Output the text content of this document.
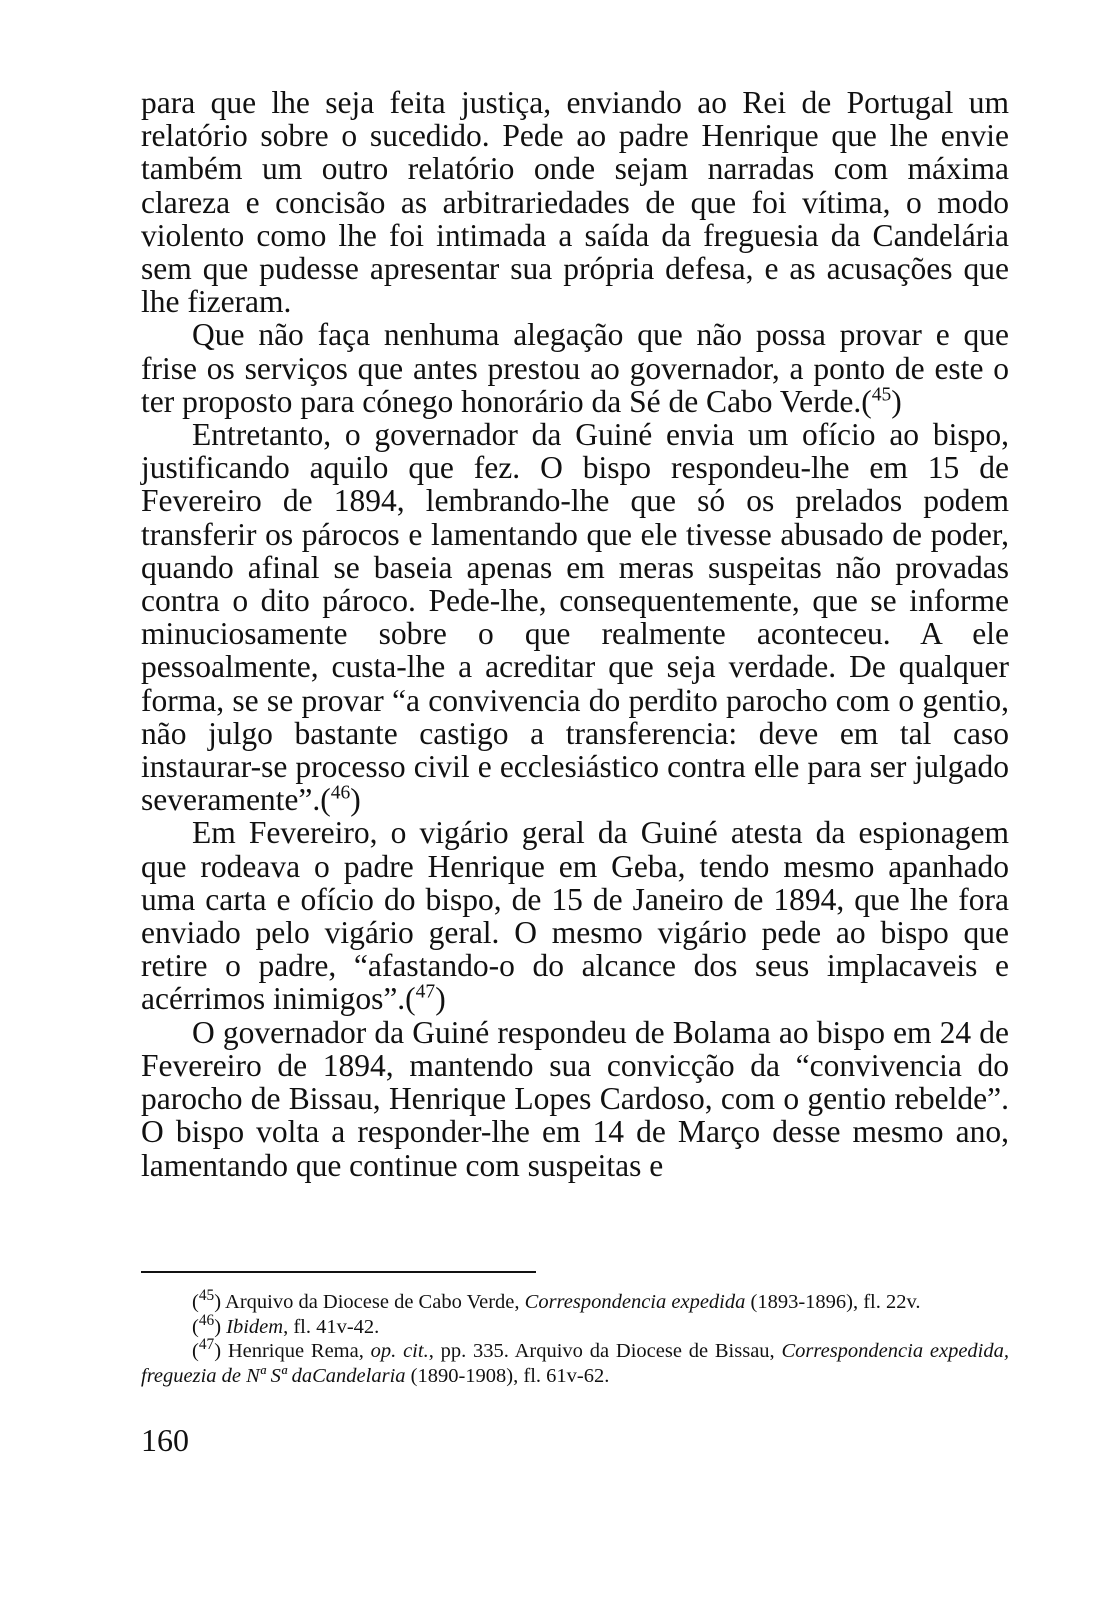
para que lhe seja feita justiça, enviando ao Rei de Portugal um relatório sobre o sucedido. Pede ao padre Henrique que lhe envie também um outro relatório onde sejam narradas com máxima clareza e concisão as arbitrariedades de que foi vítima, o modo violento como lhe foi intimada a saída da freguesia da Candelária sem que pudesse apresentar sua própria defesa, e as acusações que lhe fizeram.

Que não faça nenhuma alegação que não possa provar e que frise os serviços que antes prestou ao governador, a ponto de este o ter proposto para cónego honorário da Sé de Cabo Verde.($^{45}$)

Entretanto, o governador da Guiné envia um ofício ao bispo, justificando aquilo que fez. O bispo respondeu-lhe em 15 de Fevereiro de 1894, lembrando-lhe que só os prelados podem transferir os párocos e lamentando que ele tivesse abusado de poder, quando afinal se baseia apenas em meras suspeitas não provadas contra o dito pároco. Pede-lhe, consequentemente, que se informe minuciosamente sobre o que realmente aconteceu. A ele pessoalmente, custa-lhe a acreditar que seja verdade. De qualquer forma, se se provar “a convivencia do perdito parocho com o gentio, não julgo bastante castigo a transferencia: deve em tal caso instaurar-se processo civil e ecclesiástico contra elle para ser julgado severamente”.($^{46}$)

Em Fevereiro, o vigário geral da Guiné atesta da espionagem que rodeava o padre Henrique em Geba, tendo mesmo apanhado uma carta e ofício do bispo, de 15 de Janeiro de 1894, que lhe fora enviado pelo vigário geral. O mesmo vigário pede ao bispo que retire o padre, “afastando-o do alcance dos seus implacaveis e acérrimos inimigos”.($^{47}$)

O governador da Guiné respondeu de Bolama ao bispo em 24 de Fevereiro de 1894, mantendo sua convicção da “convivencia do parocho de Bissau, Henrique Lopes Cardoso, com o gentio rebelde”. O bispo volta a responder-lhe em 14 de Março desse mesmo ano, lamentando que continue com suspeitas e

($^{45}$) Arquivo da Diocese de Cabo Verde, Correspondencia expedida (1893-1896), fl. 22v.

($^{46}$) Ibidem, fl. 41v-42.

($^{47}$) Henrique Rema, op. cit., pp. 335. Arquivo da Diocese de Bissau, Correspondencia expedida, freguezia de Nª Sª daCandelaria (1890-1908), fl. 61v-62.

160
